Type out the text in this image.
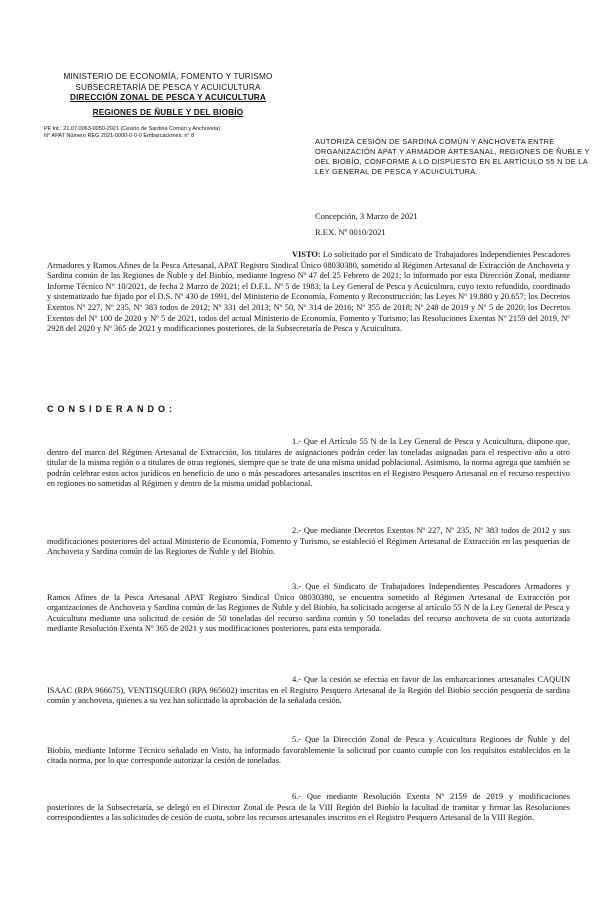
MINISTERIO DE ECONOMÍA, FOMENTO Y TURISMO
SUBSECRETARÍA DE PESCA Y ACUICULTURA
DIRECCIÓN ZONAL DE PESCA Y ACUICULTURA
REGIONES DE ÑUBLE Y DEL BIOBÍO
PF Int.: 21.07.0063-0050-2021 (Cesión de Sardina Común y Anchoveta)
N° APAT Número REG 2021-0000-0-0-0 Embarcaciones: n° 8
AUTORIZA CESIÓN DE SARDINA COMÚN Y ANCHOVETA ENTRE ORGANIZACIÓN APAT Y ARMADOR ARTESANAL, REGIONES DE ÑUBLE Y DEL BIOBÍO, CONFORME A LO DISPUESTO EN EL ARTÍCULO 55 N DE LA LEY GENERAL DE PESCA Y ACUICULTURA.
Concepción, 3 Marzo de 2021
R.EX. Nº 0010/2021
VISTO: Lo solicitado por el Sindicato de Trabajadores Independientes Pescadores Armadores y Ramos Afines de la Pesca Artesanal, APAT Registro Sindical Único 08030380, sometido al Régimen Artesanal de Extracción de Anchoveta y Sardina común de las Regiones de Ñuble y del Biobío, mediante Ingreso Nº 47 del 25 Febrero de 2021; lo informado por esta Dirección Zonal, mediante Informe Técnico N° 10/2021, de fecha 2 Marzo de 2021; el D.F.L. Nº 5 de 1983; la Ley General de Pesca y Acuicultura, cuyo texto refundido, coordinado y sistematizado fue fijado por el D.S. Nº 430 de 1991, del Ministerio de Economía, Fomento y Reconstrucción; las Leyes Nº 19.880 y 20.657; los Decretos Exentos Nº 227, Nº 235, Nº 383 todos de 2012; Nº 331 del 2013; Nº 50, Nº 314 de 2016; Nº 355 de 2018; Nº 248 de 2019 y Nº 5 de 2020; los Decretos Exentos del Nº 100 de 2020 y Nº 5 de 2021, todos del actual Ministerio de Economía, Fomento y Turismo; las Resoluciones Exentas Nº 2159 del 2019, Nº 2928 del 2020 y Nº 365 de 2021 y modificaciones posteriores, de la Subsecretaría de Pesca y Acuicultura.
CONSIDERANDO:
1.- Que el Artículo 55 N de la Ley General de Pesca y Acuicultura, dispone que, dentro del marco del Régimen Artesanal de Extracción, los titulares de asignaciones podrán ceder las toneladas asignadas para el respectivo año a otro titular de la misma región o a titulares de otras regiones, siempre que se trate de una misma unidad poblacional. Asimismo, la norma agrega que también se podrán celebrar estos actos jurídicos en beneficio de uno o más pescadores artesanales inscritos en el Registro Pesquero Artesanal en el recurso respectivo en regiones no sometidas al Régimen y dentro de la misma unidad poblacional.
2.- Que mediante Decretos Exentos Nº 227, Nº 235, Nº 383 todos de 2012 y sus modificaciones posteriores del actual Ministerio de Economía, Fomento y Turismo, se estableció el Régimen Artesanal de Extracción en las pesquerías de Anchoveta y Sardina común de las Regiones de Ñuble y del Biobío.
3.- Que el Sindicato de Trabajadores Independientes Pescadores Armadores y Ramos Afines de la Pesca Artesanal APAT Registro Sindical Único 08030380, se encuentra sometido al Régimen Artesanal de Extracción por organizaciones de Anchoveta y Sardina común de las Regiones de Ñuble y del Biobío, ha solicitado acogerse al artículo 55 N de la Ley General de Pesca y Acuicultura mediante una solicitud de cesión de 50 toneladas del recurso sardina común y 50 toneladas del recurso anchoveta de su cuota autorizada mediante Resolución Exenta Nº 365 de 2021 y sus modificaciones posteriores, para esta temporada.
4.- Que la cesión se efectúa en favor de las embarcaciones artesanales CAQUIN ISAAC (RPA 966675), VENTISQUERO (RPA 965602) inscritas en el Registro Pesquero Artesanal de la Región del Biobío sección pesquería de sardina común y anchoveta, quienes a su vez han solicitado la aprobación de la señalada cesión.
5.- Que la Dirección Zonal de Pesca y Acuicultura Regiones de Ñuble y del Biobío, mediante Informe Técnico señalado en Visto, ha informado favorablemente la solicitud por cuanto cumple con los requisitos establecidos en la citada norma, por lo que corresponde autorizar la cesión de toneladas.
6.- Que mediante Resolución Exenta Nº 2159 de 2019 y modificaciones posteriores de la Subsecretaría, se delegó en el Director Zonal de Pesca de la VIII Región del Biobío la facultad de tramitar y firmar las Resoluciones correspondientes a las solicitudes de cesión de cuota, sobre los recursos artesanales inscritos en el Registro Pesquero Artesanal de la VIII Región.
